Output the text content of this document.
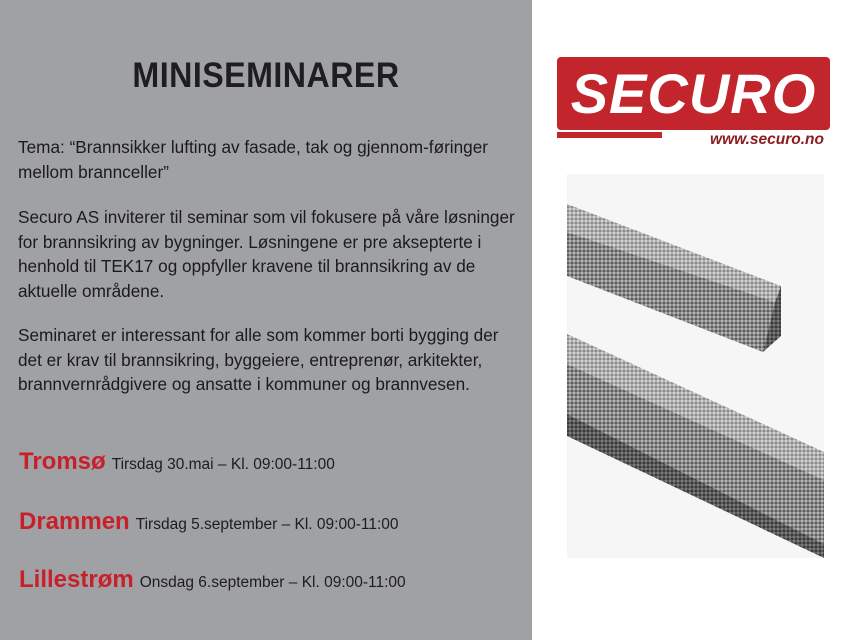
MINISEMINARER

Tema: “Brannsikker lufting av fasade, tak og gjennom-føringer mellom brannceller”

Securo AS inviterer til seminar som vil fokusere på våre løsninger for brannsikring av bygninger. Løsningene er pre aksepterte i henhold til TEK17 og oppfyller kravene til brannsikring av de aktuelle områdene.

Seminaret er interessant for alle som kommer borti bygging der det er krav til brannsikring, byggeiere, entreprenør, arkitekter, brannvernrådgivere og ansatte i kommuner og brannvesen.

Tromsø Tirsdag 30.mai – Kl. 09:00-11:00
Drammen Tirsdag 5.september – Kl. 09:00-11:00
Lillestrøm Onsdag 6.september – Kl. 09:00-11:00
SECURO
www.securo.no
